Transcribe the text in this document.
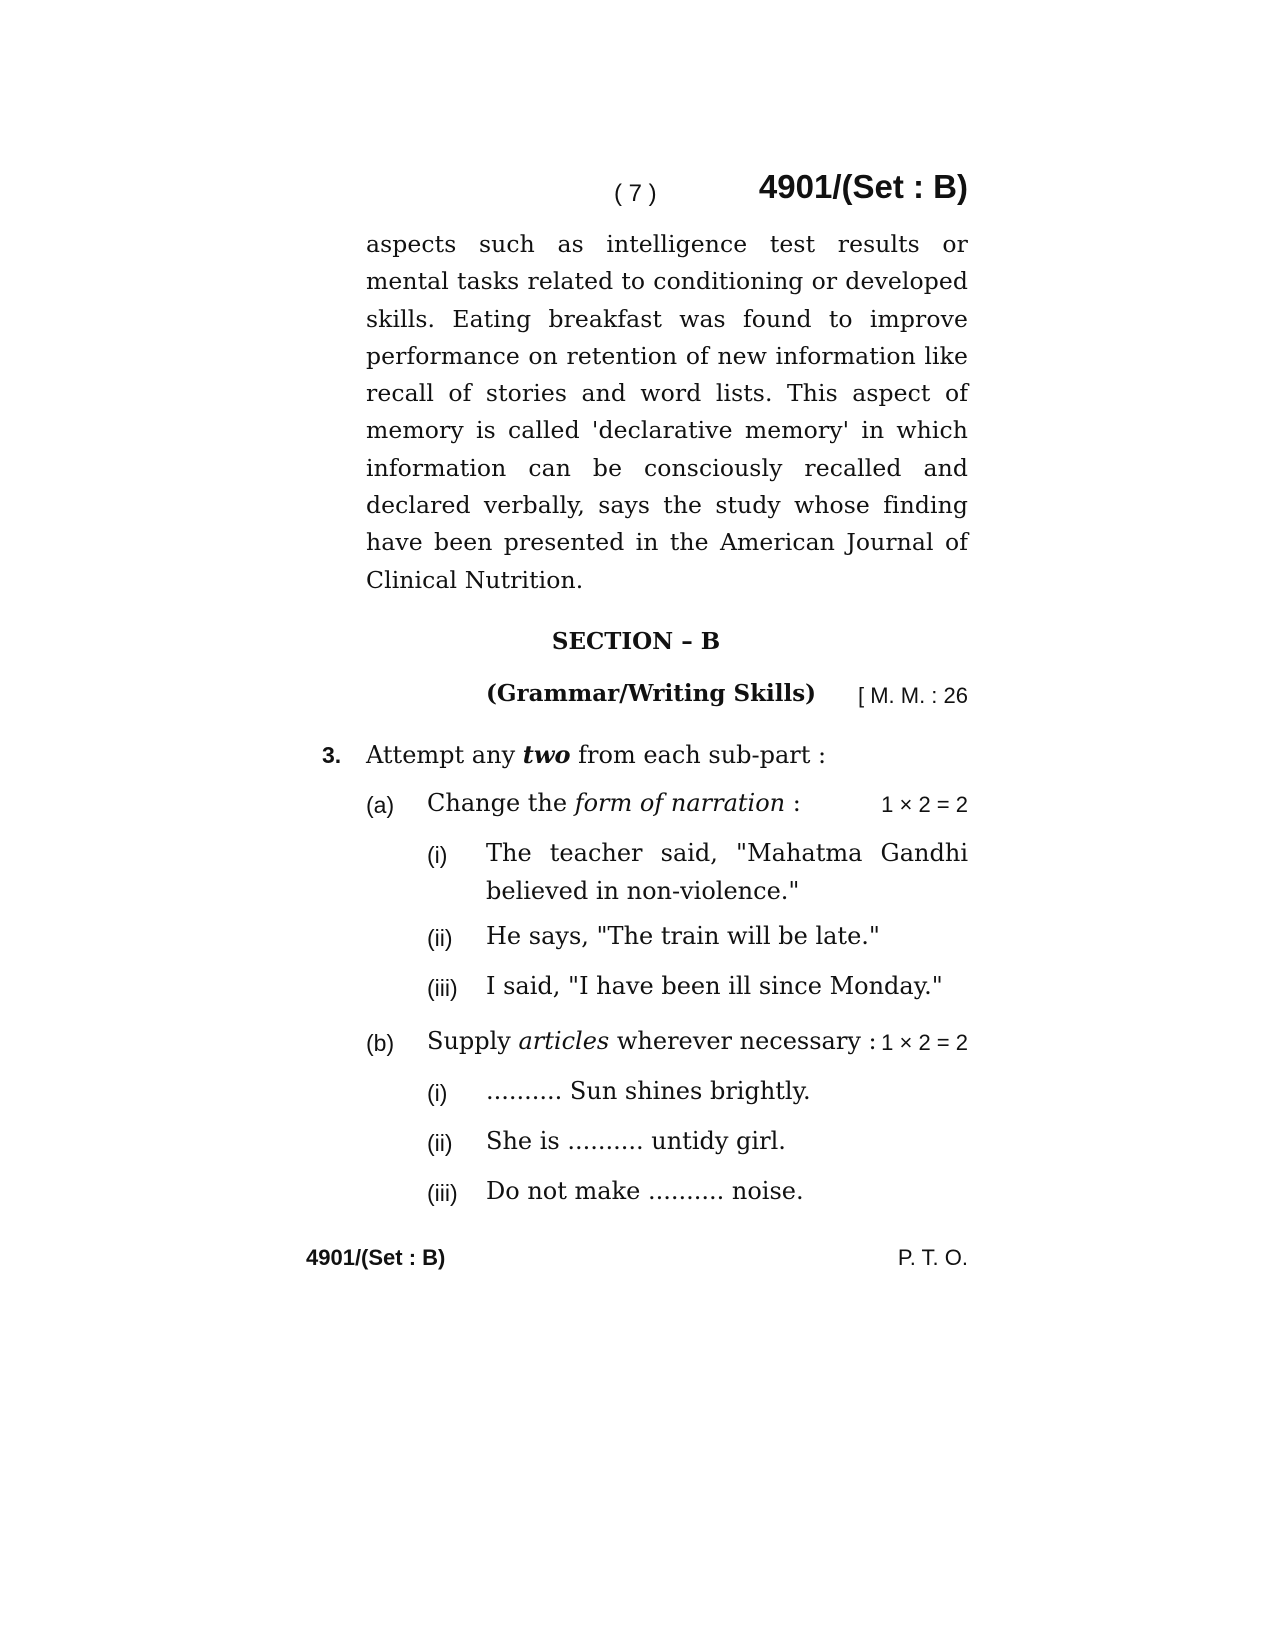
( 7 )	4901/(Set : B)

aspects such as intelligence test results or mental tasks related to conditioning or developed skills. Eating breakfast was found to improve performance on retention of new information like recall of stories and word lists. This aspect of memory is called 'declarative memory' in which information can be consciously recalled and declared verbally, says the study whose finding have been presented in the American Journal of Clinical Nutrition.

SECTION – B
(Grammar/Writing Skills)	[ M. M. : 26
3. Attempt any two from each sub-part :
(a) Change the form of narration :	1 × 2 = 2
(i) The teacher said, "Mahatma Gandhi believed in non-violence."
(ii) He says, "The train will be late."
(iii) I said, "I have been ill since Monday."
(b) Supply articles wherever necessary : 1 × 2 = 2
(i) .......... Sun shines brightly.
(ii) She is .......... untidy girl.
(iii) Do not make .......... noise.
4901/(Set : B)	P. T. O.
